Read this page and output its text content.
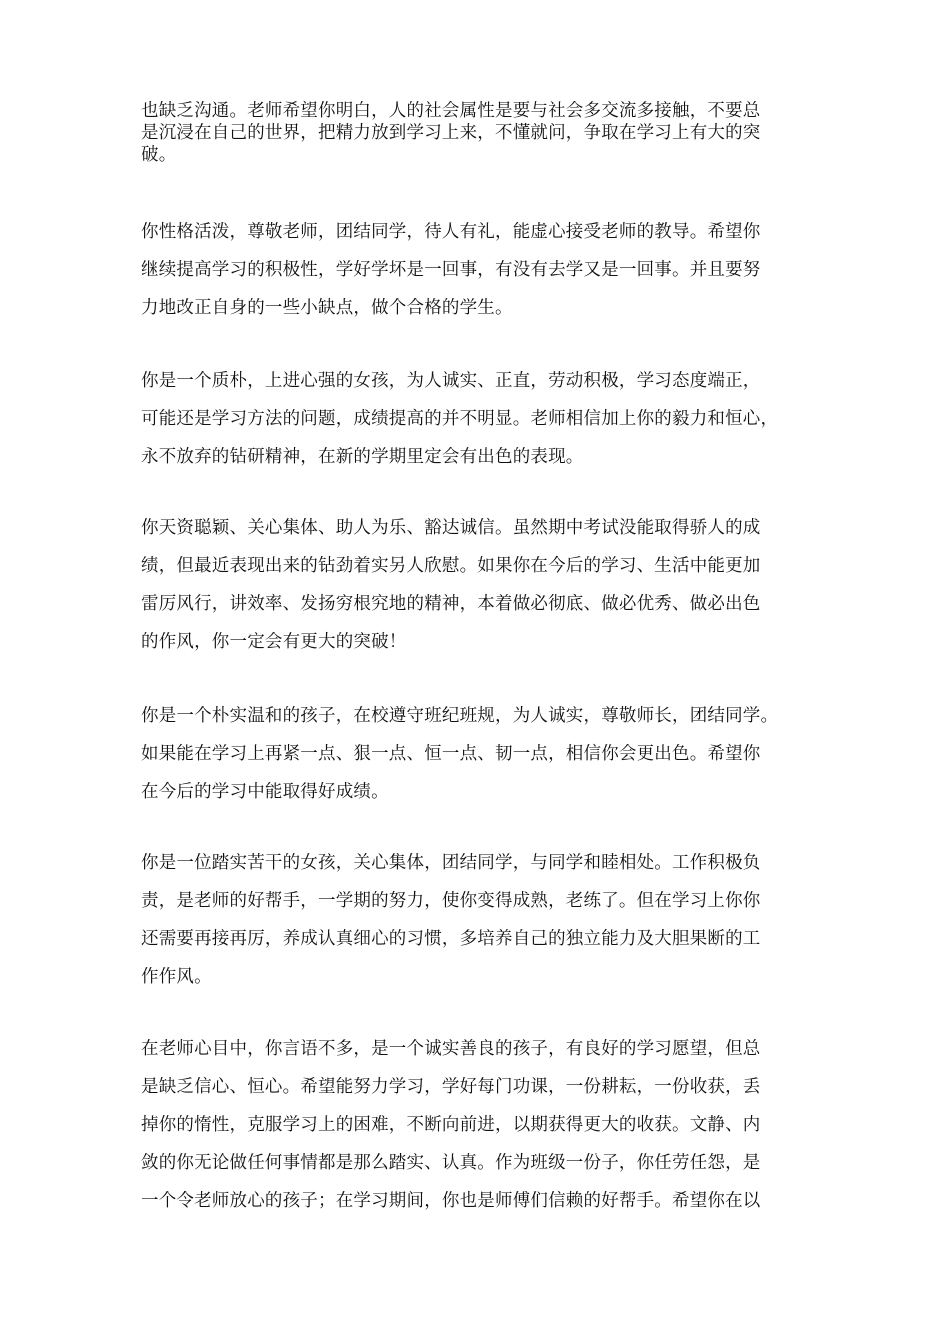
也缺乏沟通。老师希望你明白，人的社会属性是要与社会多交流多接触，不要总
是沉浸在自己的世界，把精力放到学习上来，不懂就问，争取在学习上有大的突
破。

你性格活泼，尊敬老师，团结同学，待人有礼，能虚心接受老师的教导。希望你
继续提高学习的积极性，学好学坏是一回事，有没有去学又是一回事。并且要努
力地改正自身的一些小缺点，做个合格的学生。

你是一个质朴，上进心强的女孩，为人诚实、正直，劳动积极，学习态度端正，
可能还是学习方法的问题，成绩提高的并不明显。老师相信加上你的毅力和恒心，
永不放弃的钻研精神，在新的学期里定会有出色的表现。

你天资聪颖、关心集体、助人为乐、豁达诚信。虽然期中考试没能取得骄人的成
绩，但最近表现出来的钻劲着实另人欣慰。如果你在今后的学习、生活中能更加
雷厉风行，讲效率、发扬穷根究地的精神，本着做必彻底、做必优秀、做必出色
的作风，你一定会有更大的突破！

你是一个朴实温和的孩子，在校遵守班纪班规，为人诚实，尊敬师长，团结同学。
如果能在学习上再紧一点、狠一点、恒一点、韧一点，相信你会更出色。希望你
在今后的学习中能取得好成绩。

你是一位踏实苦干的女孩，关心集体，团结同学，与同学和睦相处。工作积极负
责，是老师的好帮手，一学期的努力，使你变得成熟，老练了。但在学习上你你
还需要再接再厉，养成认真细心的习惯，多培养自己的独立能力及大胆果断的工
作作风。

在老师心目中，你言语不多，是一个诚实善良的孩子，有良好的学习愿望，但总
是缺乏信心、恒心。希望能努力学习，学好每门功课，一份耕耘，一份收获，丢
掉你的惰性，克服学习上的困难，不断向前进，以期获得更大的收获。文静、内
敛的你无论做任何事情都是那么踏实、认真。作为班级一份子，你任劳任怨，是
一个令老师放心的孩子；在学习期间，你也是师傅们信赖的好帮手。希望你在以
